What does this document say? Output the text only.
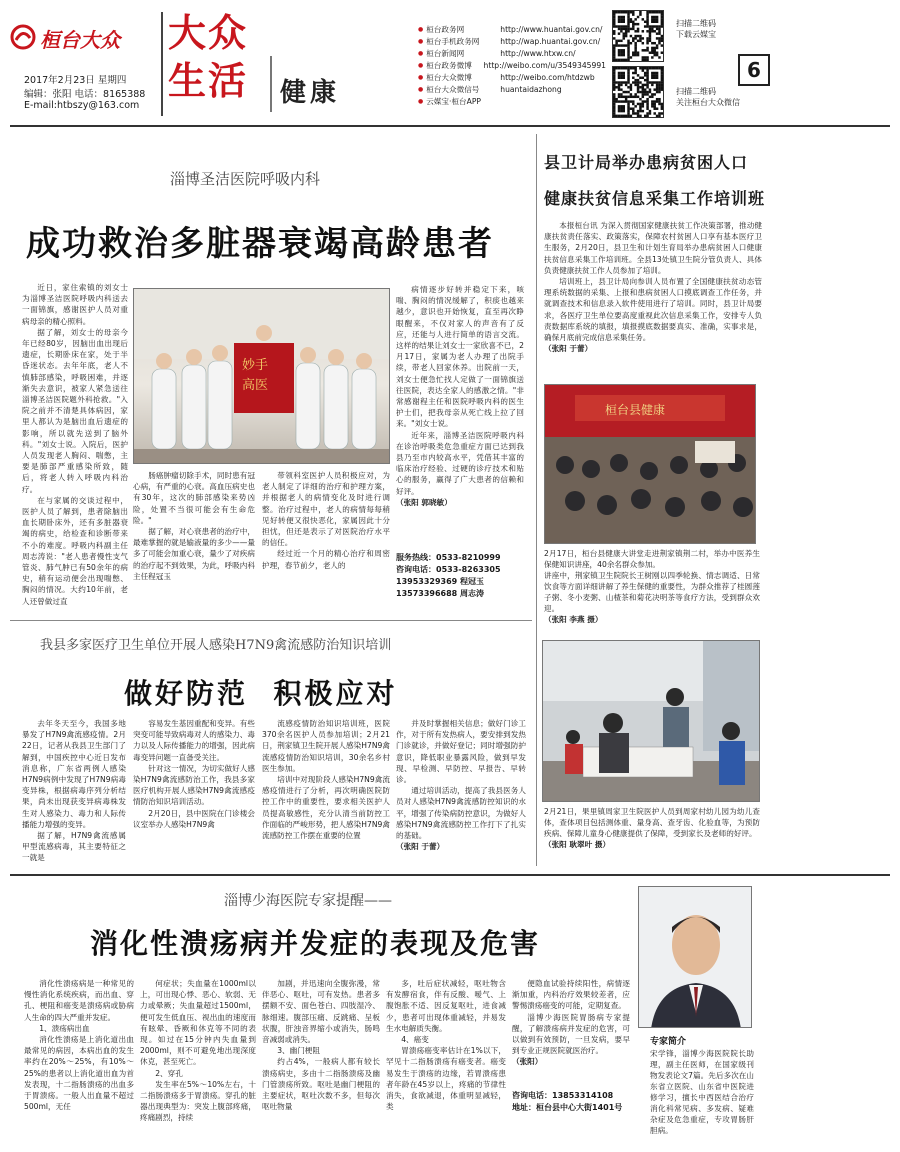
桓台大众
2017年2月23日 星期四
编辑：张阳 电话：8165388
E-mail:htbszy@163.com
大众
生活	健康
● 桓台政务网	http://www.huantai.gov.cn/
● 桓台手机政务网	http://wap.huantai.gov.cn/
● 桓台新闻网	http://www.htxw.cn/
● 桓台政务微博	http://weibo.com/u/3549345991
● 桓台大众微博	http://weibo.com/htdzwb
● 桓台大众微信号	huantaidazhong
● 云媒宝·桓台APP
扫描二维码
下载云媒宝
扫描二维码
关注桓台大众微信
6
淄博圣洁医院呼吸内科
成功救治多脏器衰竭高龄患者

近日，家住索镇的刘女士为淄博圣洁医院呼吸内科送去一面锦旗，感谢医护人员对重病母亲的精心照料。

据了解，刘女士的母亲今年已经80岁，因脑出血出现后遗症，长期卧床在家，处于半昏迷状态。去年年底，老人不慎肺部感染，呼吸困难，并逐渐失去意识，被家人紧急送往淄博圣洁医院题外科抢救。"入院之前并不清楚具体病因，家里人都认为是脑出血后遗症的影响，所以就先送到了脑外科。"刘女士说。入院后，医护人员发现老人胸闷、喘憋，主要是肺部严重感染所致，随后，将老人转入呼吸内科治疗。

在与家属的交谈过程中，医护人员了解到，患者除脑出血长期卧床外，还有多脏器衰竭的病史，给检查和诊断带来不小的难度。呼吸内科副主任周志涛说："老人患者慢性支气管炎、肺气肿已有50余年的病史，稍有运动便会出现喘憋、胸闷的情况。大约10年前，老人还曾做过直

妙手
高医

肠癌肿瘤切除手术，同时患有冠心病，有严重的心衰。高血压病史也有30年，这次的肺部感染来势凶险，处置不当很可能会有生命危险。"

据了解，对心衰患者的治疗中，最难掌握的就是输液量的多少——量多了可能会加重心衰，量少了对疾病的治疗起不到效果，为此，呼吸内科主任程冠玉

带领科室医护人员积极应对，为老人制定了详细的治疗和护理方案，并根据老人的病情变化及时进行调整。治疗过程中，老人的病情每每稍见好转便又很快恶化，家属因此十分担忧，但还是表示了对医院治疗水平的信任。

经过近一个月的精心治疗和周密护理，春节前夕，老人的

病情逐步好转并稳定下来，咳喘、胸闷的情况缓解了，积痰也越来越少，意识也开始恢复，直至再次睁眼醒来，不仅对家人的声音有了反应，还能与人进行简单的语言交流。这样的结果让刘女士一家欣喜不已，2月17日，家属为老人办理了出院手续，带老人回家休养。出院前一天，刘女士便急忙找人定做了一面锦旗送往医院，表达全家人的感激之情。"非常感谢程主任和医院呼吸内科的医生护士们，把我母亲从死亡线上拉了回来。"刘女士说。

近年来，淄博圣洁医院呼吸内科在诊治呼吸类危急重症方面已达到我县乃至市内较高水平，凭借其丰富的临床治疗经验、过硬的诊疗技术和贴心的服务，赢得了广大患者的信赖和好评。

（张阳 郭晓敏）
服务热线：0533-8210999
咨询电话：0533-8263305
13953329369 程冠玉
13573396688 周志涛
县卫计局举办患病贫困人口
健康扶贫信息采集工作培训班

本报桓台讯 为深入贯彻国家健康扶贫工作决策部署，推动健康扶贫责任落实、政策落实，保障农村贫困人口享有基本医疗卫生服务，2月20日，县卫生和计划生育局举办患病贫困人口健康扶贫信息采集工作培训班。全县13处镇卫生院分管负责人、具体负责健康扶贫工作人员参加了培训。

培训班上，县卫计局向参训人员布置了全国健康扶贫动态管理系统数据的采集、上报和患病贫困人口摸底调查工作任务，并就调查技术和信息录入软件使用进行了培训。同时，县卫计局要求，各医疗卫生单位要高度重视此次信息采集工作，安排专人负责数据库系统的填报，填报摸底数据要真实、准确，实事求是，确保月底前完成信息采集任务。

（张阳 于蕾）
桓台县健康

2月17日，桓台县健康大讲堂走进荆家镇荆二村，举办中医养生保健知识讲座，40余名群众参加。

讲座中，荆家镇卫生院院长王树刚以四季轮换、情志调适、日常饮食等方面详细讲解了养生保健的重要性，为群众推荐了桂圆莲子粥、冬小麦粥、山楂茶和菊花决明茶等食疗方法，受到群众欢迎。

（张阳 李燕 摄）

2月21日，果里镇周家卫生院医护人员到周家村幼儿园为幼儿查体，查体项目包括测体重、量身高、查牙齿、化验血等，为预防疾病、保障儿童身心健康提供了保障，受到家长及老师的好评。

（张阳 耿翠叶 摄）
我县多家医疗卫生单位开展人感染H7N9禽流感防治知识培训
做好防范  积极应对

去年冬天至今，我国多地暴发了H7N9禽流感疫情。2月22日，记者从我县卫生部门了解到，中国疾控中心近日发布消息称，广东省两例人感染H7N9病例中发现了H7N9病毒变异株，根据病毒序列分析结果，尚未出现获变异病毒株发生对人感染力、毒力和人际传播能力增强的变异。

据了解，H7N9禽流感属甲型流感病毒，其主要特征之一就是

容易发生基因重配和变异。有些突变可能导致病毒对人的感染力、毒力以及人际传播能力的增强，因此病毒变异问题一直备受关注。

针对这一情况，为切实做好人感染H7N9禽流感防治工作，我县多家医疗机构开展人感染H7N9禽流感疫情防治知识培训活动。

2月20日，县中医院在门诊楼会议室举办人感染H7N9禽

流感疫情防治知识培训班，医院370余名医护人员参加培训；2月21日，荆家镇卫生院开展人感染H7N9禽流感疫情防治知识培训，30余名乡村医生参加。

培训中对现阶段人感染H7N9禽流感疫情进行了分析，再次明确医院防控工作中的重要性，要求相关医护人员提高敏感性，充分认清当前防控工作面临的严峻形势，把人感染H7N9禽流感防控工作摆在重要的位置

并及时掌握相关信息；做好门诊工作，对于所有发热病人，要安排到发热门诊就诊，并做好登记；同时增强防护意识，降低职业暴露风险，做到早发现、早检测、早防控、早报告、早转诊。

通过培训活动，提高了我县医务人员对人感染H7N9禽流感防控知识的水平，增强了传染病防控意识，为做好人感染H7N9禽流感防控工作打下了扎实的基础。

（张阳 于蕾）
淄博少海医院专家提醒——
消化性溃疡病并发症的表现及危害

消化性溃疡病是一种常见的慢性消化系统疾病，而出血、穿孔、梗阻和癌变是溃疡病或胁病人生命的四大严重并发症。

1、溃疡病出血

消化性溃疡是上消化道出血最常见的病因，本病出血的发生率约在20%～25%，有10%～25%的患者以上消化道出血为首发表现，十二指肠溃疡的出血多于胃溃疡。一般人出血量不超过500ml，无任

何症状；失血量在1000ml以上，可出现心悸、恶心、软弱、无力或晕厥；失血量超过1500ml，便可发生低血压、视出血的速度而有眩晕、昏厥和休克等不同的表现。如过在15分钟内失血量到2000ml，则不可避免地出现深度休克，甚至死亡。

2、穿孔

发生率在5%～10%左右，十二指肠溃疡多于胃溃疡。穿孔的脏器出现典型为：突发上腹部疼痛，疼痛剧烈，持续

加剧，并迅速向全腹弥漫，常伴恶心、呕吐，可有发热。患者多摆额不安、面色苍白、四肢湿冷、脉细速。腹部压痛、反跳痛、呈板状腹，肝浊音界缩小或消失，肠鸣音减弱或消失。

3、幽门梗阻

约占4%，一般病人都有较长溃疡病史，多由十二指肠溃疡及幽门管溃疡所致。呕吐是幽门梗阻的主要症状，呕吐次数不多，但每次呕吐物量

多，吐后症状减轻，呕吐物含有发酵宿食，伴有反酸、嗳气、上腹饱胀不适、因反复呕吐，进食减少，患者可出现体重减轻，并易发生水电解质失衡。

4、癌变

胃溃疡癌变率估计在1%以下，罕见十二指肠溃疡有癌变者。癌变易发生于溃疡的边缘，若胃溃疡患者年龄在45岁以上，疼痛的节律性消失，食欲减退，体重明显减轻，类

便隐血试验持续阳性，病情逐渐加重，内科治疗效果较差者，应警惕溃疡癌变的可能，定期复查。

淄博少海医院胃肠病专家提醒，了解溃疡病并发症的危害，可以做到有效预防，一旦发病，要早到专业正规医院就医治疗。

（张阳）
咨询电话：13853314108
地址：桓台县中心大街1401号
专家简介

宋学锋，淄博少海医院院长助理，副主任医师，在国家级刊物发表论文7篇。先后多次在山东省立医院、山东省中医院进修学习，擅长中西医结合治疗消化科常见病、多发病、疑难杂症及危急重症，专攻胃肠肝胆病。
